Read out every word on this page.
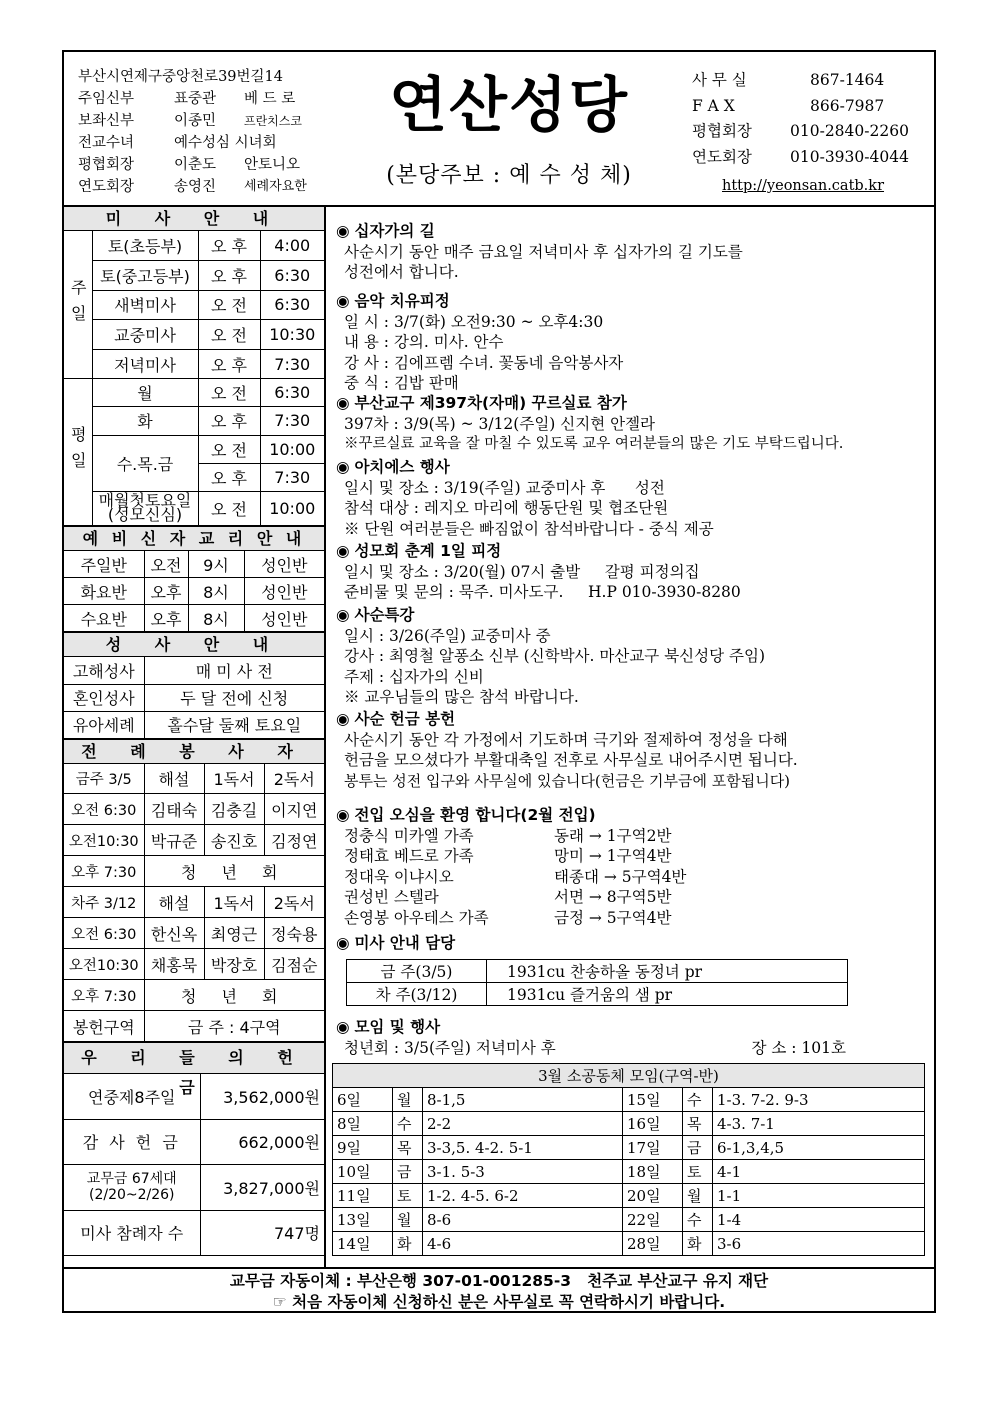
부산시연제구중앙천로39번길14
주임신부	표중관	베 드 로
보좌신부	이종민	프란치스코
전교수녀	예수성심 시녀회
평협회장	이춘도	안토니오
연도회장	송영진	세례자요한
연산성당
(본당주보 : 예 수 성 체)
사 무 실	867-1464
F A X	866-7987
평협회장	010-2840-2260
연도회장	010-3930-4044
http://yeonsan.catb.kr
미 사 안 내
주일	토(초등부)	오 후	4:00
	토(중고등부)	오 후	6:30
	새벽미사	오 전	6:30
	교중미사	오 전	10:30
	저녁미사	오 후	7:30
평일	월	오 전	6:30
	화	오 후	7:30
	수.목.금	오 전	10:00
		오 후	7:30
	매월첫토요일
(성모신심)	오 전	10:00
예 비 신 자 교 리 안 내
주일반	오전	9시	성인반
화요반	오후	8시	성인반
수요반	오후	8시	성인반
성 사 안 내
고해성사	매 미 사 전
혼인성사	두 달 전에 신청
유아세례	홀수달 둘째 토요일
전 례 봉 사 자
금주 3/5	해설	1독서	2독서
오전 6:30	김태숙	김충길	이지연
오전10:30	박규준	송진호	김정연
오후 7:30	청 년 회		
차주 3/12	해설	1독서	2독서
오전 6:30	한신옥	최영근	정숙용
오전10:30	채홍묵	박장호	김점순
오후 7:30	청 년 회		
봉헌구역	금 주 : 4구역		
우 리 들 의 헌 금
연중제8주일	3,562,000원
감 사 헌 금	662,000원
교무금 67세대
(2/20~2/26)	3,827,000원
미사 참례자 수	747명
◉ 십자가의 길
사순시기 동안 매주 금요일 저녁미사 후 십자가의 길 기도를
성전에서 합니다.
◉ 음악 치유피정
일 시 : 3/7(화) 오전9:30 ~ 오후4:30
내 용 : 강의. 미사. 안수
강 사 : 김에프렘 수녀. 꽃동네 음악봉사자
중 식 : 김밥 판매
◉ 부산교구 제397차(자매) 꾸르실료 참가
397차 : 3/9(목) ~ 3/12(주일) 신지현 안젤라
※꾸르실료 교육을 잘 마칠 수 있도록 교우 여러분들의 많은 기도 부탁드립니다.
◉ 아치에스 행사
일시 및 장소 : 3/19(주일) 교중미사 후      성전
참석 대상 : 레지오 마리에 행동단원 및 협조단원
※ 단원 여러분들은 빠짐없이 참석바랍니다 - 중식 제공
◉ 성모회 춘계 1일 피정
일시 및 장소 : 3/20(월) 07시 출발     갈평 피정의집
준비물 및 문의 : 묵주. 미사도구.     H.P 010-3930-8280
◉ 사순특강
일시 : 3/26(주일) 교중미사 중
강사 : 최영철 알퐁소 신부 (신학박사. 마산교구 북신성당 주임)
주제 : 십자가의 신비
※ 교우님들의 많은 참석 바랍니다.
◉ 사순 헌금 봉헌
사순시기 동안 각 가정에서 기도하며 극기와 절제하여 정성을 다해
헌금을 모으셨다가 부활대축일 전후로 사무실로 내어주시면 됩니다.
봉투는 성전 입구와 사무실에 있습니다(헌금은 기부금에 포함됩니다)
◉ 전입 오심을 환영 합니다(2월 전입)
정충식 미카엘 가족	동래 → 1구역2반
정태효 베드로 가족	망미 → 1구역4반
정대욱 이냐시오	태종대 → 5구역4반
권성빈 스텔라	서면 → 8구역5반
손영봉 아우테스 가족	금정 → 5구역4반
◉ 미사 안내 담당
금 주(3/5)	1931cu 찬송하올 동정녀 pr
차 주(3/12)	1931cu 즐거움의 샘 pr
◉ 모임 및 행사
청년회 : 3/5(주일) 저녁미사 후	장 소 : 101호
3월 소공동체 모임(구역-반)					
6일	월	8-1,5	15일	수	1-3. 7-2. 9-3
8일	수	2-2	16일	목	4-3. 7-1
9일	목	3-3,5. 4-2. 5-1	17일	금	6-1,3,4,5
10일	금	3-1. 5-3	18일	토	4-1
11일	토	1-2. 4-5. 6-2	20일	월	1-1
13일	월	8-6	22일	수	1-4
14일	화	4-6	28일	화	3-6
교무금 자동이체 : 부산은행 307-01-001285-3   천주교 부산교구 유지 재단
☞ 처음 자동이체 신청하신 분은 사무실로 꼭 연락하시기 바랍니다.
